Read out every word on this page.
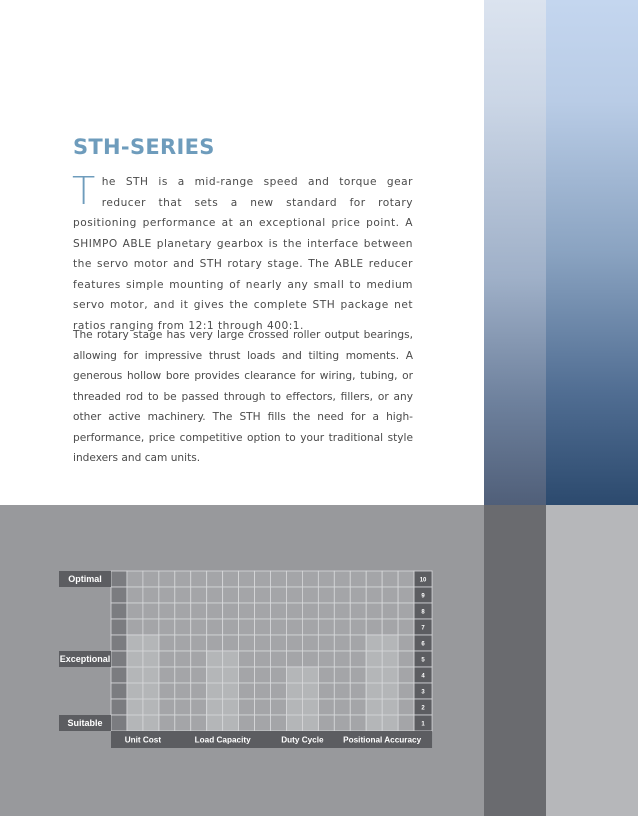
STH-SERIES

The STH is a mid-range speed and torque gear reducer that sets a new standard for rotary positioning performance at an exceptional price point. A SHIMPO ABLE planetary gearbox is the interface between the servo motor and STH rotary stage. The ABLE reducer features simple mounting of nearly any small to medium servo motor, and it gives the complete STH package net ratios ranging from 12:1 through 400:1.

The rotary stage has very large crossed roller output bearings, allowing for impressive thrust loads and tilting moments. A generous hollow bore provides clearance for wiring, tubing, or threaded rod to be passed through to effectors, fillers, or any other active machinery. The STH fills the need for a high-performance, price competitive option to your traditional style indexers and cam units.

10
9
8
7
6
5
4
3
2
1
Optimal
Exceptional
Suitable
Unit Cost	Load Capacity	Duty Cycle Positional Accuracy
